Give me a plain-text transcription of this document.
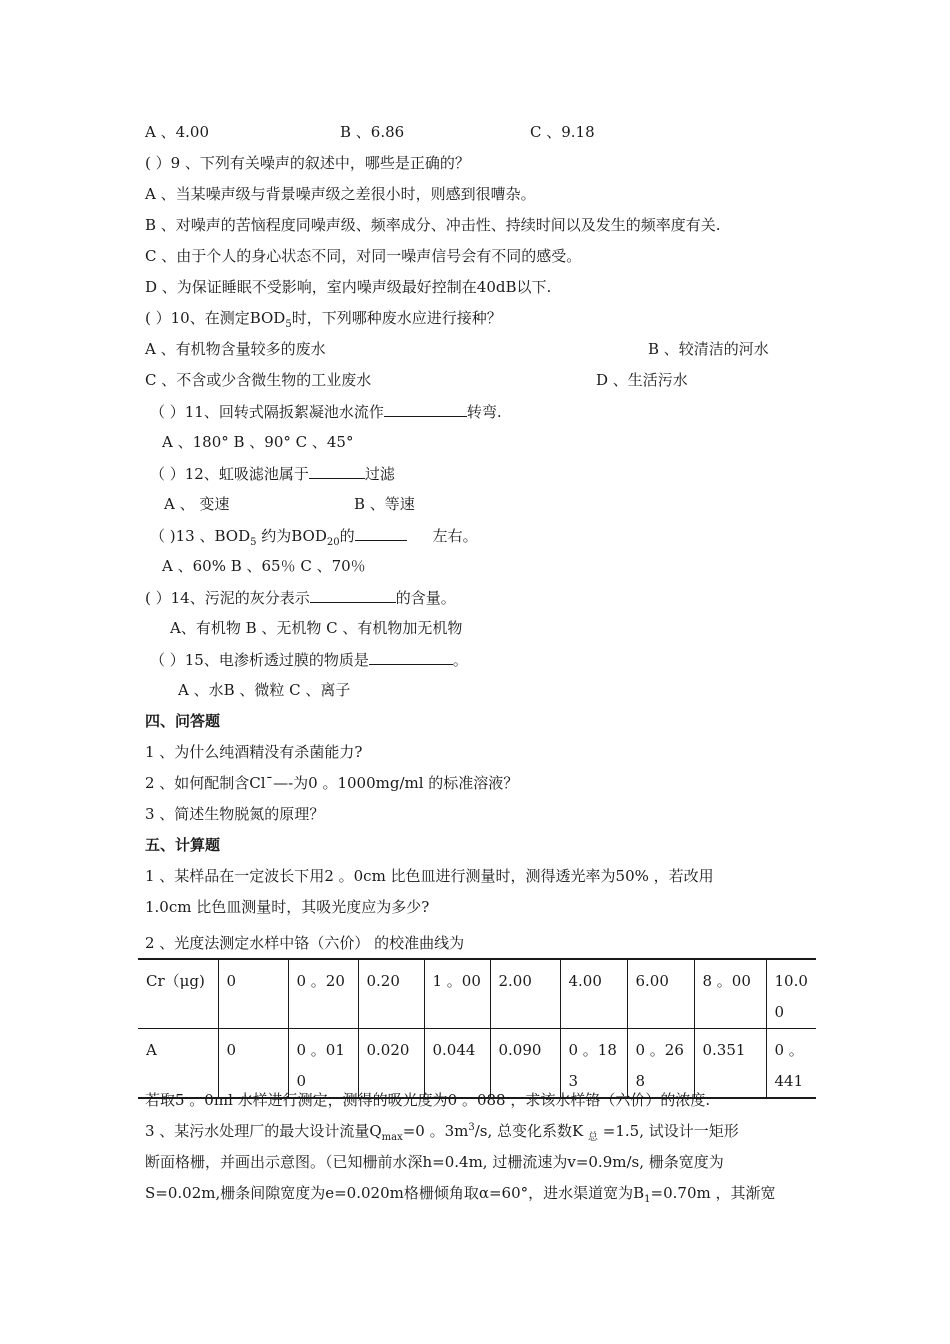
A 、4.00	B 、6.86	C 、9.18
( ）9 、下列有关噪声的叙述中，哪些是正确的？
A 、当某噪声级与背景噪声级之差很小时，则感到很嘈杂。
B 、对噪声的苦恼程度同噪声级、频率成分、冲击性、持续时间以及发生的频率度有关.
C 、由于个人的身心状态不同，对同一噪声信号会有不同的感受。
D 、为保证睡眠不受影响，室内噪声级最好控制在40dB以下.
( ）10、在测定$BOD_5$时，下列哪种废水应进行接种？
A 、有机物含量较多的废水	B 、较清洁的河水
C 、不含或少含微生物的工业废水	D 、生活污水
（ ）11、回转式隔扳絮凝池水流作	转弯.
A 、180° B 、90° C 、45°
（ ）12、虹吸滤池属于	过滤
A 、 变速	B 、等速
（ )13 、$BOD_5$ 约为$BOD_{20}$的	左右。
A 、60% B 、65％ C 、70％
( ）14、污泥的灰分表示	的含量。
A、有机物 B 、无机物 C 、有机物加无机物
（ ）15、电渗析透过膜的物质是	。
A 、水B 、微粒 C 、离子
四、问答题
1 、为什么纯酒精没有杀菌能力?
2 、如何配制含Cl¯—-为0 。1000mg/ml 的标准溶液？
3 、简述生物脱氮的原理？
五、计算题
1 、某样品在一定波长下用2 。0cm 比色皿进行测量时，测得透光率为50% ，若改用
1.0cm 比色皿测量时，其吸光度应为多少?
2 、光度法测定水样中铬（六价） 的校准曲线为
Cr（μg)	0	0 。20	0.20	1 。00	2.00	4.00	6.00	8 。00	10.00
A	0	0 。010	0.020	0.044	0.090	0 。183	0 。268	0.351	0 。441
若取5 。0ml 水样进行测定，测得的吸光度为0 。088 ，求该水样铬（六价）的浓度.
3 、某污水处理厂的最大设计流量$Q_{max}=0$ 。$3m^3/s$, 总变化系数K $_总$ =1.5, 试设计一矩形
断面格栅，并画出示意图。（已知栅前水深h=0.4m, 过栅流速为v=0.9m/s, 栅条宽度为
S=0.02m,栅条间隙宽度为e=0.020m格栅倾角取α=60°，进水渠道宽为$B_1=0.70m$ ，其渐宽
